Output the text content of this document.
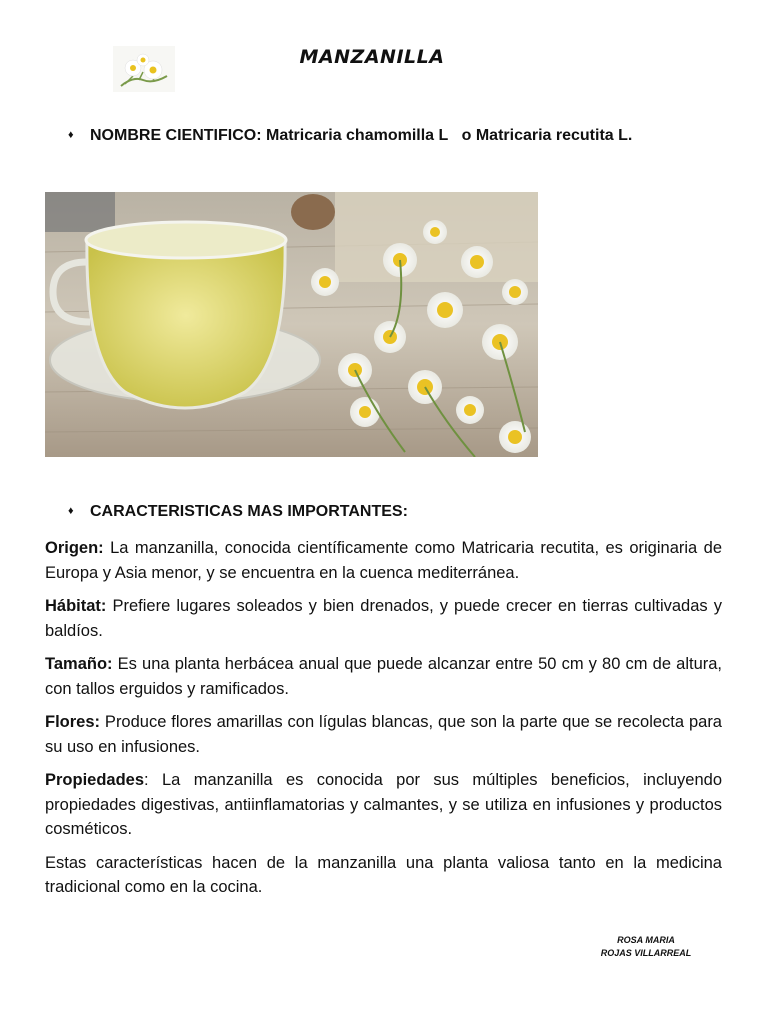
MANZANILLA
♦ NOMBRE CIENTIFICO: Matricaria chamomilla L o Matricaria recutita L.
♦ CARACTERISTICAS MAS IMPORTANTES:

Origen: La manzanilla, conocida científicamente como Matricaria recutita, es originaria de Europa y Asia menor, y se encuentra en la cuenca mediterránea.

Hábitat: Prefiere lugares soleados y bien drenados, y puede crecer en tierras cultivadas y baldíos.

Tamaño: Es una planta herbácea anual que puede alcanzar entre 50 cm y 80 cm de altura, con tallos erguidos y ramificados.

Flores: Produce flores amarillas con lígulas blancas, que son la parte que se recolecta para su uso en infusiones.

Propiedades: La manzanilla es conocida por sus múltiples beneficios, incluyendo propiedades digestivas, antiinflamatorias y calmantes, y se utiliza en infusiones y productos cosméticos.

Estas características hacen de la manzanilla una planta valiosa tanto en la medicina tradicional como en la cocina.

ROSA MARIA
ROJAS VILLARREAL
